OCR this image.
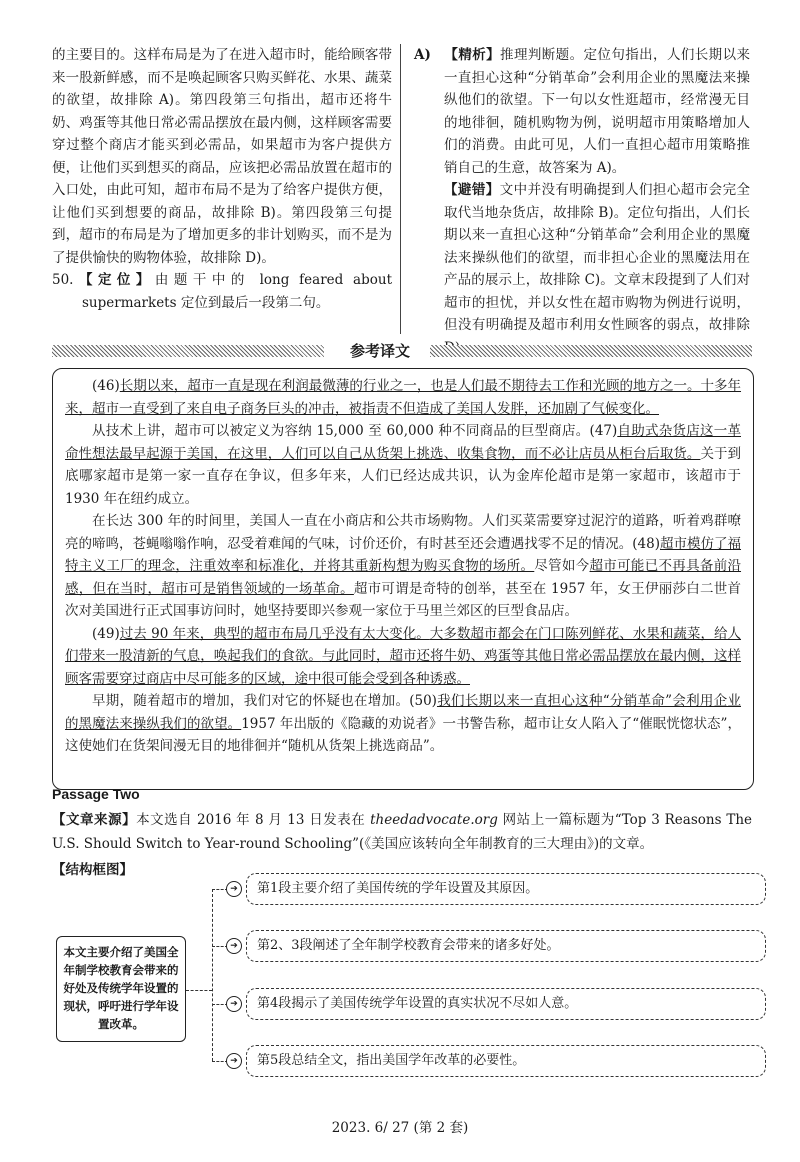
的主要目的。这样布局是为了在进入超市时，能给顾客带来一股新鲜感，而不是唤起顾客只购买鲜花、水果、蔬菜的欲望，故排除 A)。第四段第三句指出，超市还将牛奶、鸡蛋等其他日常必需品摆放在最内侧，这样顾客需要穿过整个商店才能买到必需品，如果超市为客户提供方便，让他们买到想买的商品，应该把必需品放置在超市的入口处，由此可知，超市布局不是为了给客户提供方便，让他们买到想要的商品，故排除 B)。第四段第三句提到，超市的布局是为了增加更多的非计划购买，而不是为了提供愉快的购物体验，故排除 D)。

50.【定位】由题干中的 long feared about supermarkets 定位到最后一段第二句。

A) 【精析】推理判断题。定位句指出，人们长期以来一直担心这种“分销革命”会利用企业的黑魔法来操纵他们的欲望。下一句以女性逛超市，经常漫无目的地徘徊，随机购物为例，说明超市用策略增加人们的消费。由此可见，人们一直担心超市用策略推销自己的生意，故答案为 A)。

【避错】文中并没有明确提到人们担心超市会完全取代当地杂货店，故排除 B)。定位句指出，人们长期以来一直担心这种“分销革命”会利用企业的黑魔法来操纵他们的欲望，而非担心企业的黑魔法用在产品的展示上，故排除 C)。文章末段提到了人们对超市的担忧，并以女性在超市购物为例进行说明，但没有明确提及超市利用女性顾客的弱点，故排除

参考译文

(46)长期以来，超市一直是现在利润最微薄的行业之一，也是人们最不期待去工作和光顾的地方之一。十多年来，超市一直受到了来自电子商务巨头的冲击，被指责不但造成了美国人发胖，还加剧了气候变化。

从技术上讲，超市可以被定义为容纳 15,000 至 60,000 种不同商品的巨型商店。(47)自助式杂货店这一革命性想法最早起源于美国，在这里，人们可以自己从货架上挑选、收集食物，而不必让店员从柜台后取货。关于到底哪家超市是第一家一直存在争议，但多年来，人们已经达成共识，认为金库伦超市是第一家超市，该超市于 1930 年在纽约成立。

在长达 300 年的时间里，美国人一直在小商店和公共市场购物。人们买菜需要穿过泥泞的道路，听着鸡群嘹亮的啼鸣，苍蝇嗡嗡作响，忍受着难闻的气味，讨价还价，有时甚至还会遭遇找零不足的情况。(48)超市模仿了福特主义工厂的理念，注重效率和标准化，并将其重新构想为购买食物的场所。尽管如今超市可能已不再具备前沿感，但在当时，超市可是销售领域的一场革命。超市可谓是奇特的创举，甚至在 1957 年，女王伊丽莎白二世首次对美国进行正式国事访问时，她坚持要即兴参观一家位于马里兰郊区的巨型食品店。

(49)过去 90 年来，典型的超市布局几乎没有太大变化。大多数超市都会在门口陈列鲜花、水果和蔬菜，给人们带来一股清新的气息，唤起我们的食欲。与此同时，超市还将牛奶、鸡蛋等其他日常必需品摆放在最内侧，这样顾客需要穿过商店中尽可能多的区域，途中很可能会受到各种诱惑。

早期，随着超市的增加，我们对它的怀疑也在增加。(50)我们长期以来一直担心这种“分销革命”会利用企业的黑魔法来操纵我们的欲望。1957 年出版的《隐藏的劝说者》一书警告称，超市让女人陷入了“催眠恍惚状态”，这使她们在货架间漫无目的地徘徊并“随机从货架上挑选商品”。

Passage Two
【文章来源】本文选自 2016 年 8 月 13 日发表在 theedadvocate.org 网站上一篇标题为“Top 3 Reasons The U.S. Should Switch to Year-round Schooling”(《美国应该转向全年制教育的三大理由》)的文章。
【结构框图】
本文主要介绍了美国全年制学校教育会带来的好处及传统学年设置的现状，呼吁进行学年设置改革。
➔	第1段主要介绍了美国传统的学年设置及其原因。
➔	第2、3段阐述了全年制学校教育会带来的诸多好处。
➔	第4段揭示了美国传统学年设置的真实状况不尽如人意。
➔	第5段总结全文，指出美国学年改革的必要性。
2023. 6/ 27 (第 2 套)
